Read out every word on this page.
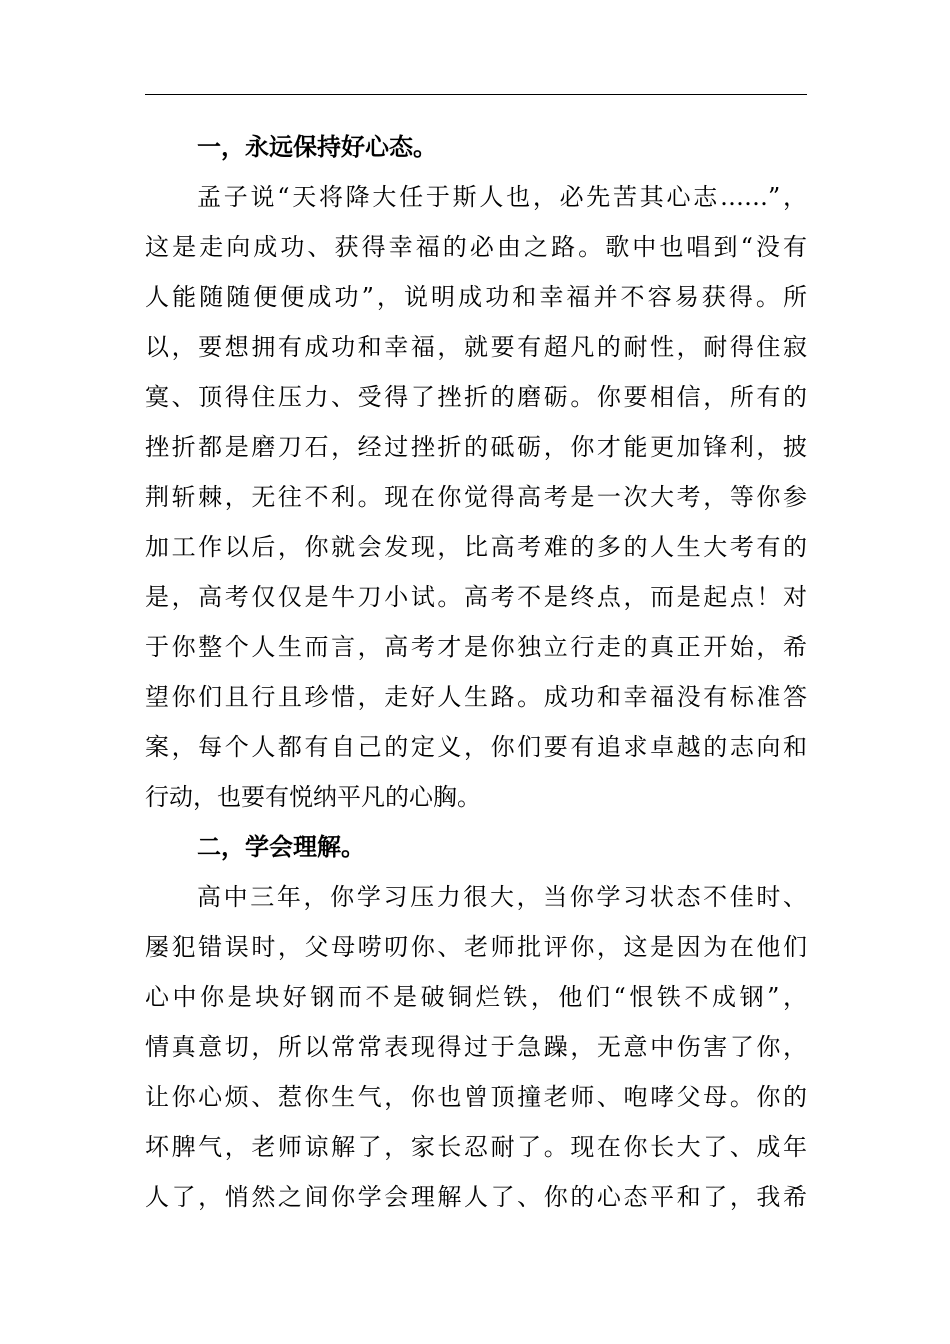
一，永远保持好心态。
孟子说“天将降大任于斯人也，必先苦其心志……”，
这是走向成功、获得幸福的必由之路。歌中也唱到“没有
人能随随便便成功”，说明成功和幸福并不容易获得。所
以，要想拥有成功和幸福，就要有超凡的耐性，耐得住寂
寞、顶得住压力、受得了挫折的磨砺。你要相信，所有的
挫折都是磨刀石，经过挫折的砥砺，你才能更加锋利，披
荆斩棘，无往不利。现在你觉得高考是一次大考，等你参
加工作以后，你就会发现，比高考难的多的人生大考有的
是，高考仅仅是牛刀小试。高考不是终点，而是起点！对
于你整个人生而言，高考才是你独立行走的真正开始，希
望你们且行且珍惜，走好人生路。成功和幸福没有标准答
案，每个人都有自己的定义，你们要有追求卓越的志向和
行动，也要有悦纳平凡的心胸。
二，学会理解。
高中三年，你学习压力很大，当你学习状态不佳时、
屡犯错误时，父母唠叨你、老师批评你，这是因为在他们
心中你是块好钢而不是破铜烂铁，他们“恨铁不成钢”，
情真意切，所以常常表现得过于急躁，无意中伤害了你，
让你心烦、惹你生气，你也曾顶撞老师、咆哮父母。你的
坏脾气，老师谅解了，家长忍耐了。现在你长大了、成年
人了，悄然之间你学会理解人了、你的心态平和了，我希
